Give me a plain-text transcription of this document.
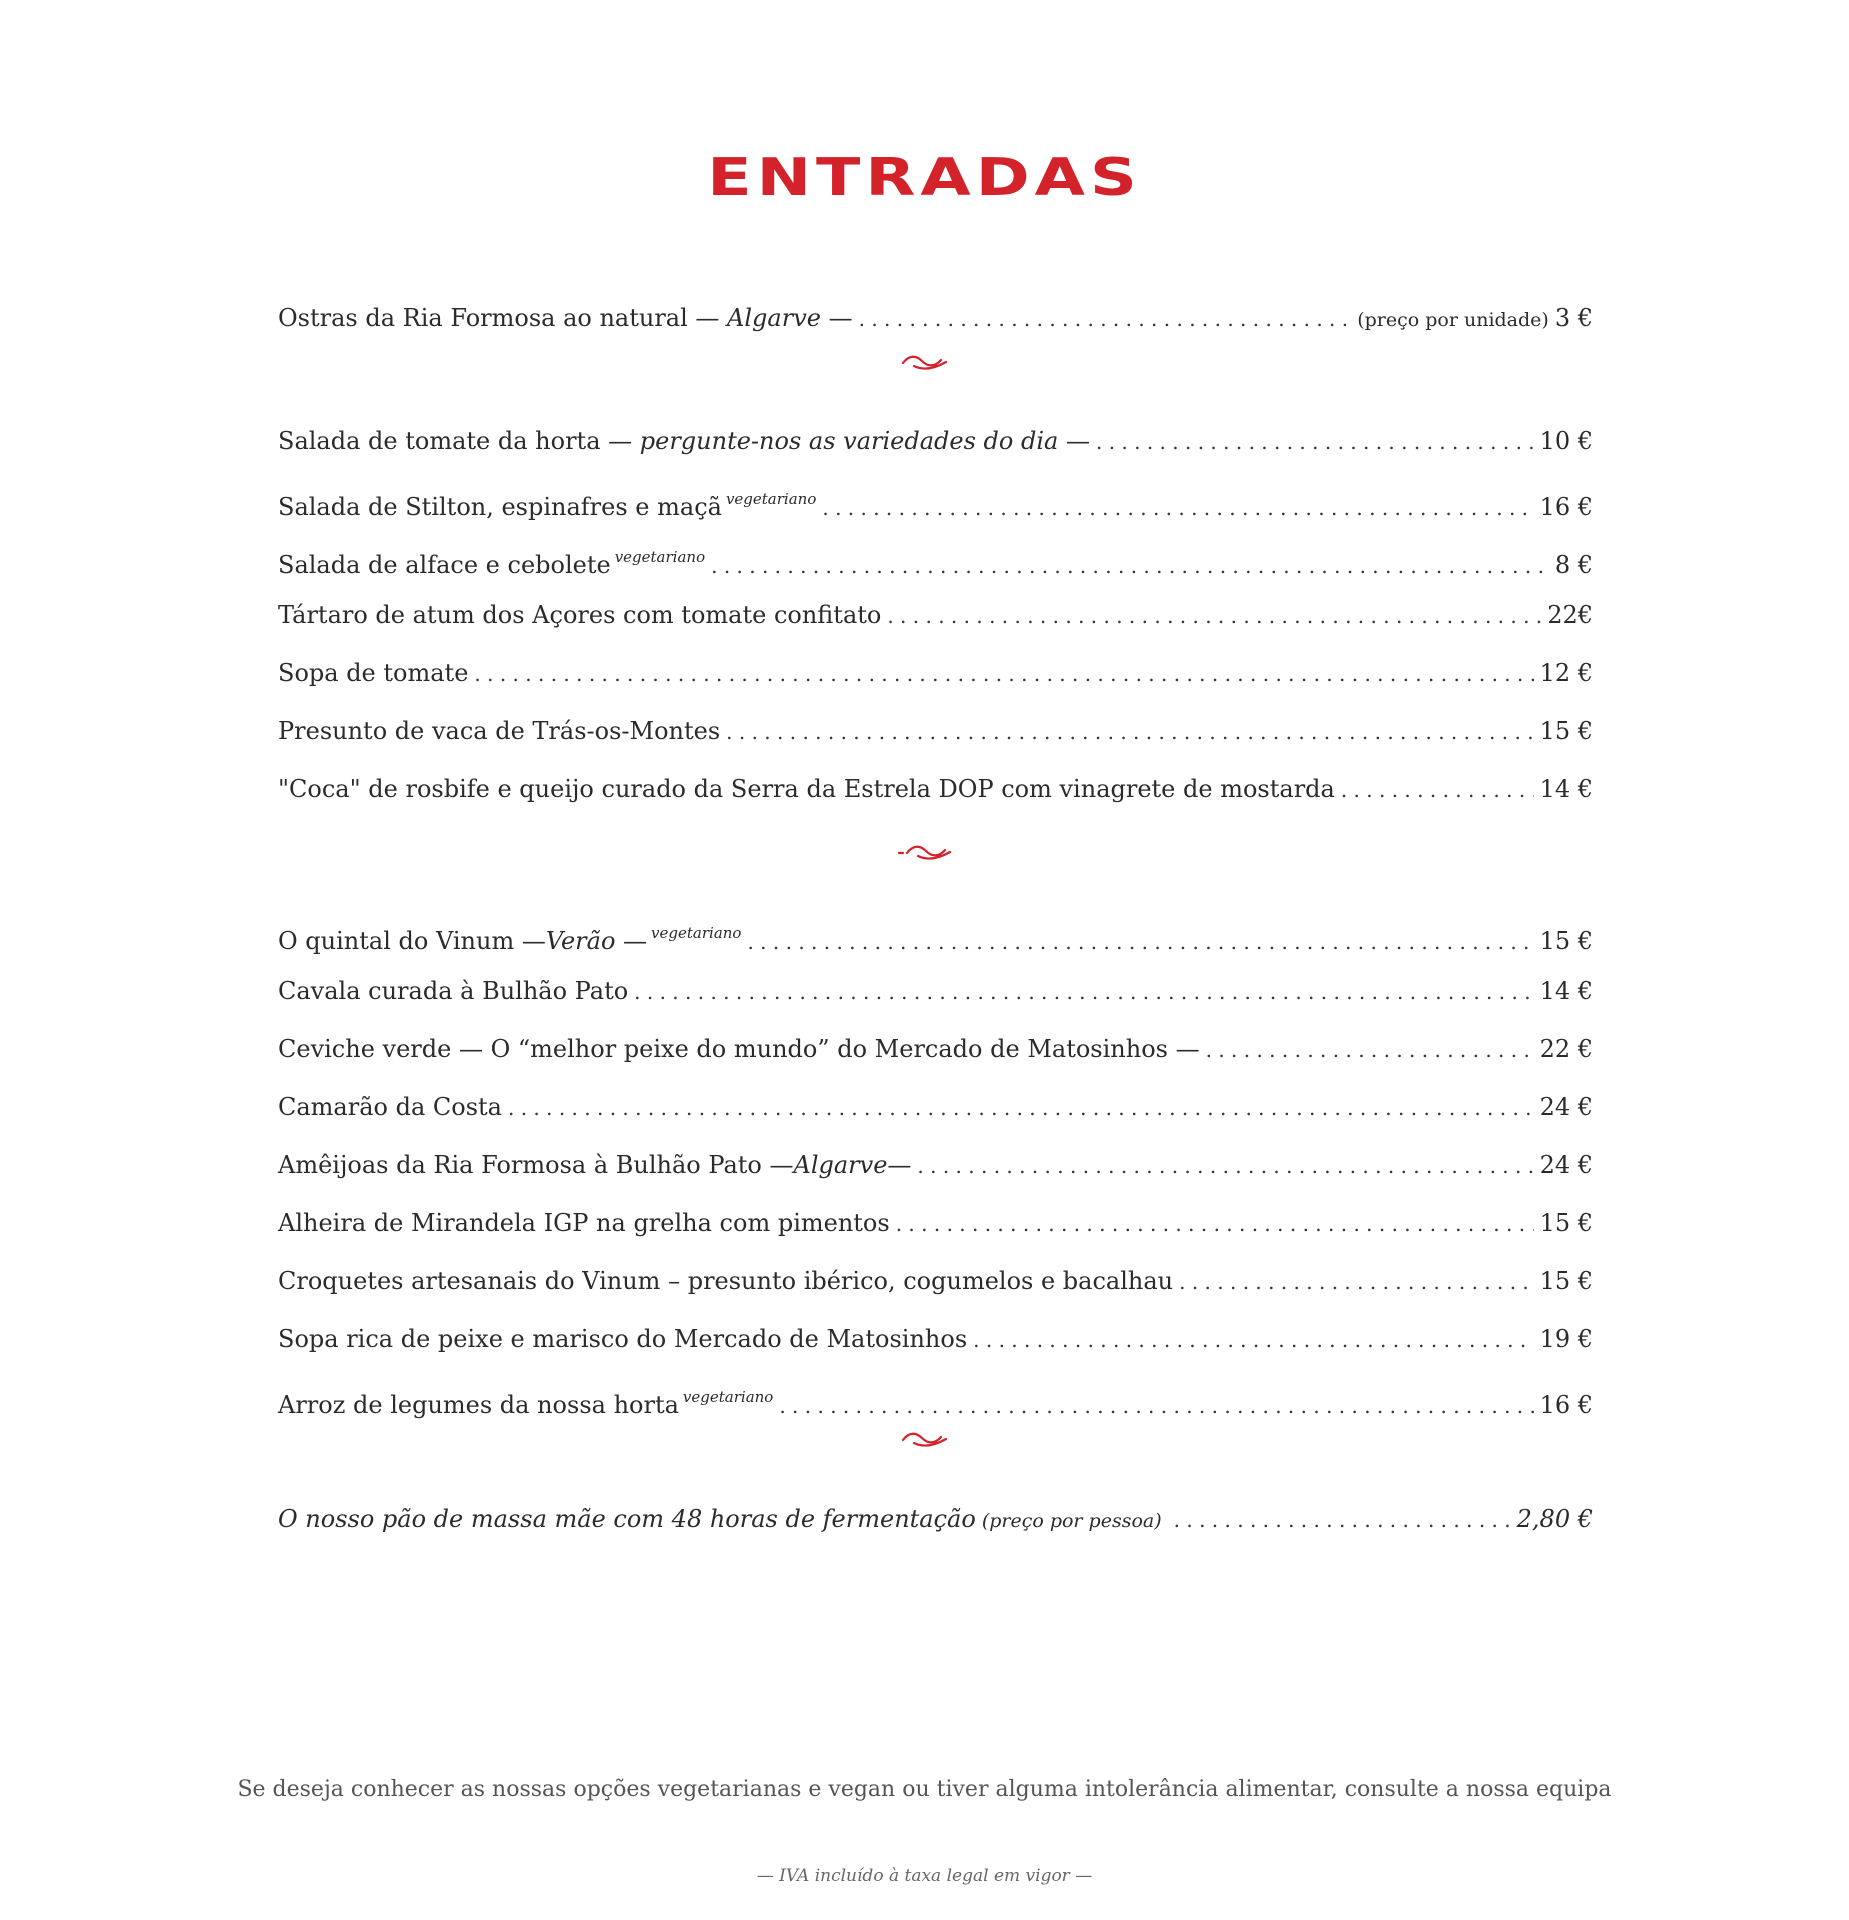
ENTRADAS
Ostras da Ria Formosa ao natural — Algarve — . . .	(preço por unidade) 3 €
Salada de tomate da horta — pergunte-nos as variedades do dia — . . .	10 €
Salada de Stilton, espinafres e maçã $^{vegetariano}$ . . .	16 €
Salada de alface e cebolete $^{vegetariano}$ . . .	8 €
Tártaro de atum dos Açores com tomate confitato . . .	22€
Sopa de tomate . . .	12 €
Presunto de vaca de Trás-os-Montes . . .	15 €
"Coca" de rosbife e queijo curado da Serra da Estrela DOP com vinagrete de mostarda . . .	14 €
O quintal do Vinum —Verão — $^{vegetariano}$ . . .	15 €
Cavala curada à Bulhão Pato . . .	14 €
Ceviche verde — O “melhor peixe do mundo” do Mercado de Matosinhos — . . .	22 €
Camarão da Costa . . .	24 €
Amêijoas da Ria Formosa à Bulhão Pato —Algarve— . . .	24 €
Alheira de Mirandela IGP na grelha com pimentos . . .	15 €
Croquetes artesanais do Vinum – presunto ibérico, cogumelos e bacalhau . . .	15 €
Sopa rica de peixe e marisco do Mercado de Matosinhos . . .	19 €
Arroz de legumes da nossa horta $^{vegetariano}$ . . .	16 €
O nosso pão de massa mãe com 48 horas de fermentação (preço por pessoa) . . .	2,80 €
Se deseja conhecer as nossas opções vegetarianas e vegan ou tiver alguma intolerância alimentar, consulte a nossa equipa
— IVA incluído à taxa legal em vigor —
